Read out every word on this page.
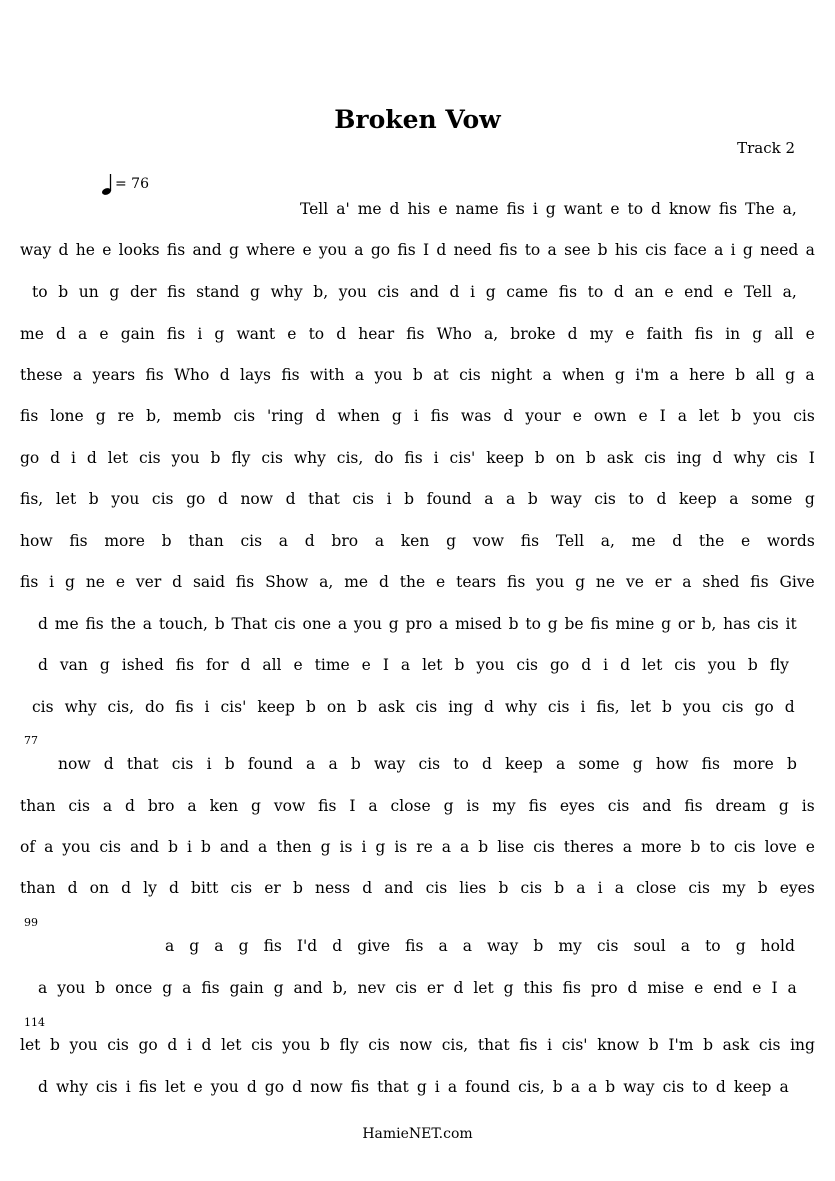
Broken Vow
Track 2
= 76
77
99
114
Tell a' me d his e name fis i g want e to d know fis The a,
way d he e looks fis and g where e you a go fis I d need fis to a see b his cis face a i g need a
to b un g der fis stand g why b, you cis and d i g came fis to d an e end e Tell a,
me d a e gain fis i g want e to d hear fis Who a, broke d my e faith fis in g all e
these a years fis Who d lays fis with a you b at cis night a when g i'm a here b all g a
fis lone g re b, memb cis 'ring d when g i fis was d your e own e I a let b you cis
go d i d let cis you b fly cis why cis, do fis i cis' keep b on b ask cis ing d why cis I
fis, let b you cis go d now d that cis i b found a a b way cis to d keep a some g
how fis more b than cis a d bro a ken g vow fis Tell a, me d the e words
fis i g ne e ver d said fis Show a, me d the e tears fis you g ne ve er a shed fis Give
d me fis the a touch, b That cis one a you g pro a mised b to g be fis mine g or b, has cis it
d van g ished fis for d all e time e I a let b you cis go d i d let cis you b fly
cis why cis, do fis i cis' keep b on b ask cis ing d why cis i fis, let b you cis go d
now d that cis i b found a a b way cis to d keep a some g how fis more b
than cis a d bro a ken g vow fis I a close g is my fis eyes cis and fis dream g is
of a you cis and b i b and a then g is i g is re a a b lise cis theres a more b to cis love e
than d on d ly d bitt cis er b ness d and cis lies b cis b a i a close cis my b eyes
a g a g fis I'd d give fis a a way b my cis soul a to g hold
a you b once g a fis gain g and b, nev cis er d let g this fis pro d mise e end e I a
let b you cis go d i d let cis you b fly cis now cis, that fis i cis' know b I'm b ask cis ing
d why cis i fis let e you d go d now fis that g i a found cis, b a a b way cis to d keep a
HamieNET.com
